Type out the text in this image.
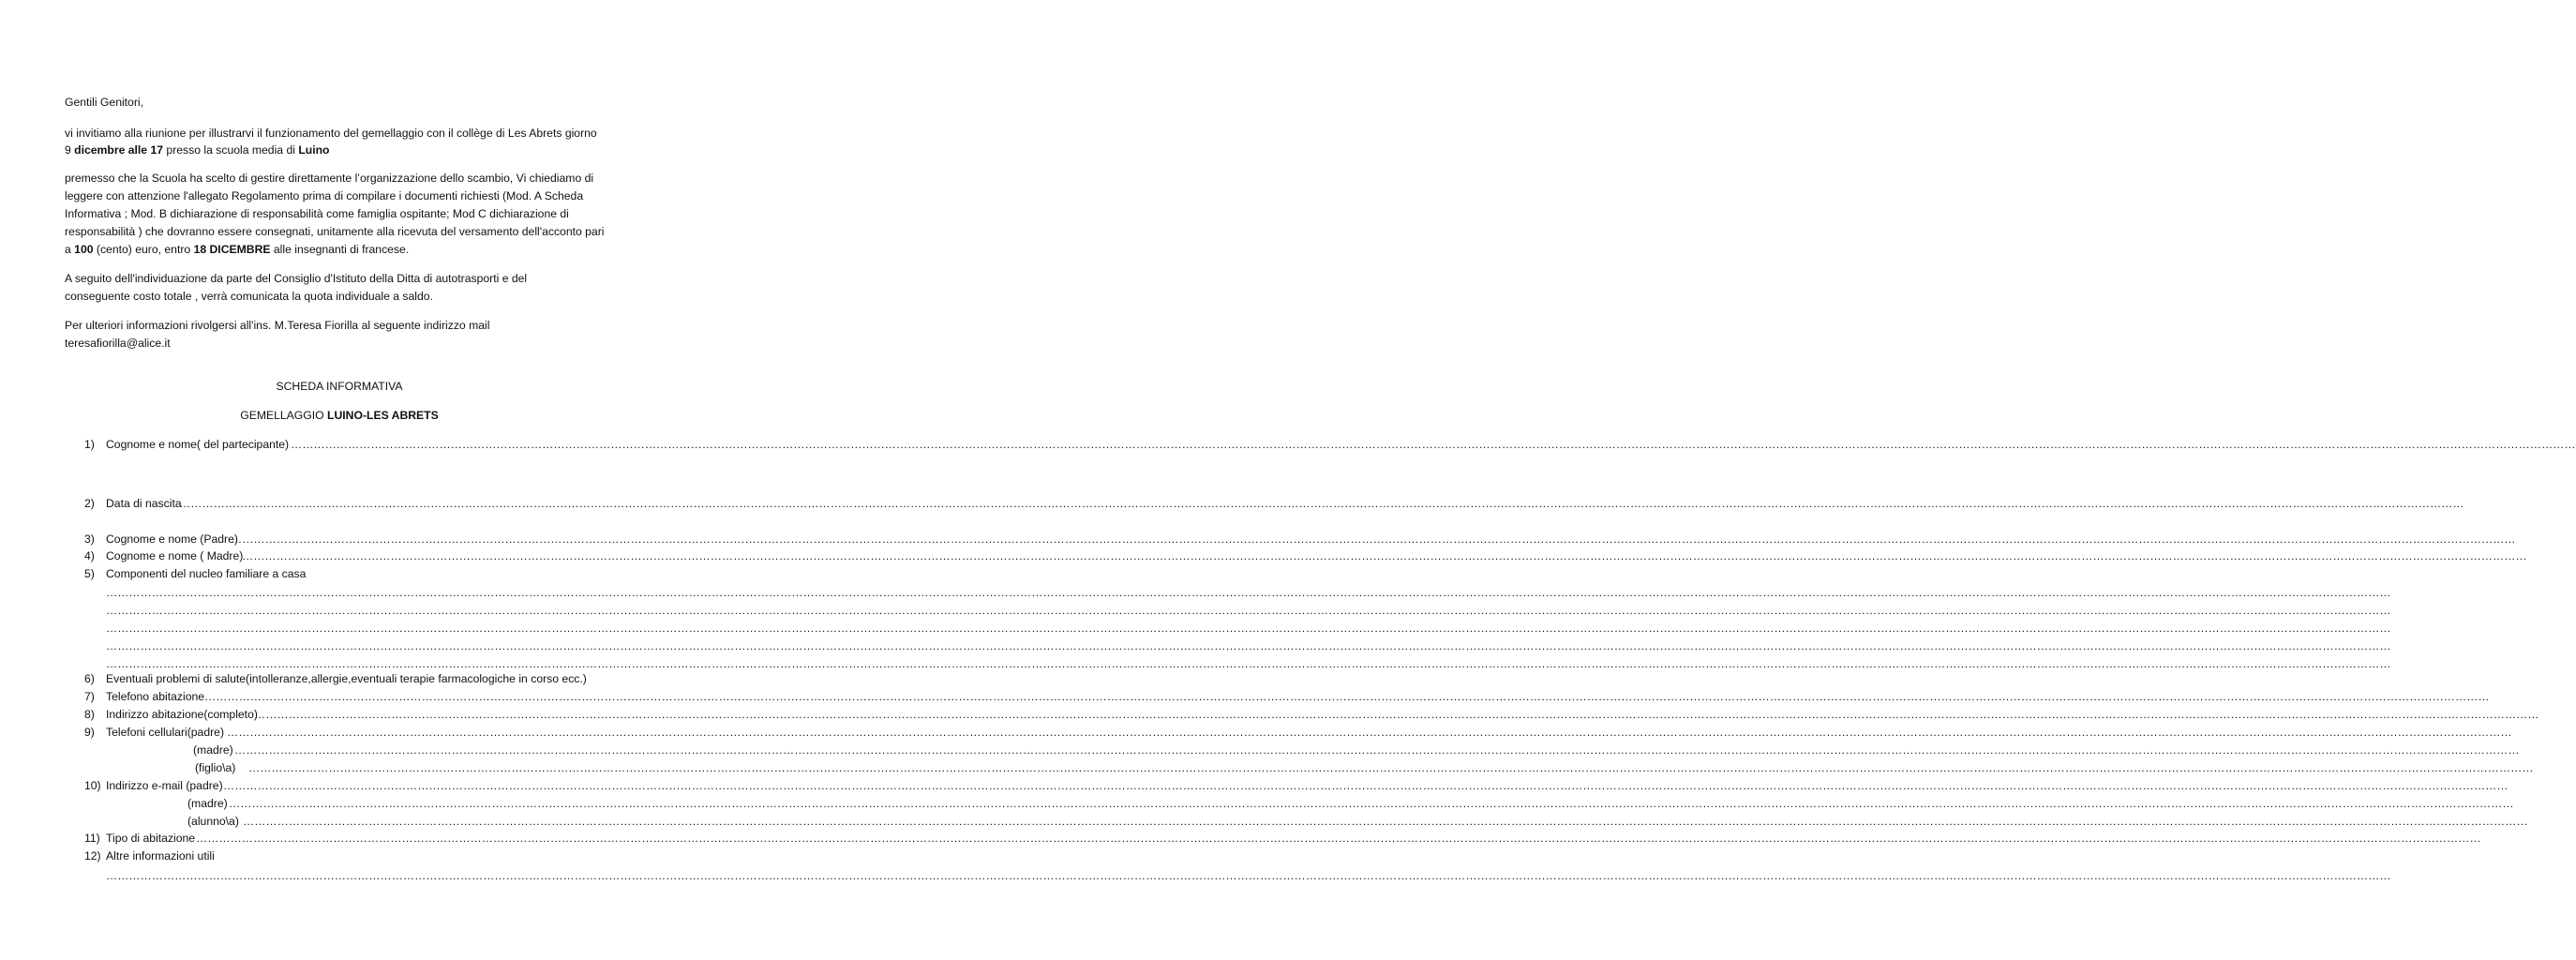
Gentili Genitori,
vi invitiamo alla riunione per illustrarvi il funzionamento del gemellaggio con il collège di Les Abrets giorno
9 dicembre alle 17 presso la scuola media di Luino
premesso che la Scuola ha scelto di gestire direttamente l’organizzazione dello scambio, Vi chiediamo di
leggere con attenzione l'allegato Regolamento prima di compilare i documenti richiesti (Mod. A Scheda
Informativa ; Mod. B dichiarazione di responsabilità come famiglia ospitante; Mod C dichiarazione di
responsabilità ) che dovranno essere consegnati, unitamente alla ricevuta del versamento dell'acconto pari
a 100 (cento) euro, entro 18 DICEMBRE alle insegnanti di francese.
A seguito dell'individuazione da parte del Consiglio d'Istituto della Ditta di autotrasporti e del
conseguente costo totale , verrà comunicata la quota individuale a saldo.
Per ulteriori informazioni rivolgersi all'ins. M.Teresa Fiorilla al seguente indirizzo mail
teresafiorilla@alice.it
SCHEDA INFORMATIVA
GEMELLAGGIO LUINO-LES ABRETS
1) Cognome e nome( del partecipante) ……………………………………………………………………………………………………………………………………………………………………………………………………………………………………………………………………………………………………………………………………………………………………………………………………………………………………………………………………………………………………………………………………………………
2) Data di nascita
……………………………………………………………………………………………………………………………………………………………………………………………………………………………………………………………………………………………………………………………………………………………………………………………………………………………………………………………………………………………………………………………………………………
3) Cognome e nome (Padre)
……………………………………………………………………………………………………………………………………………………………………………………………………………………………………………………………………………………………………………………………………………………………………………………………………………………………………………………………………………………………………………………………………………………
4) Cognome e nome ( Madre)
……………………………………………………………………………………………………………………………………………………………………………………………………………………………………………………………………………………………………………………………………………………………………………………………………………………………………………………………………………………………………………………………………………………
5) Componenti del nucleo familiare a casa
……………………………………………………………………………………………………………………………………………………………………………………………………………………………………………………………………………………………………………………………………………………………………………………………………………………………………………………………………………………………………………………………………………………
……………………………………………………………………………………………………………………………………………………………………………………………………………………………………………………………………………………………………………………………………………………………………………………………………………………………………………………………………………………………………………………………………………………
……………………………………………………………………………………………………………………………………………………………………………………………………………………………………………………………………………………………………………………………………………………………………………………………………………………………………………………………………………………………………………………………………………………
……………………………………………………………………………………………………………………………………………………………………………………………………………………………………………………………………………………………………………………………………………………………………………………………………………………………………………………………………………………………………………………………………………………
……………………………………………………………………………………………………………………………………………………………………………………………………………………………………………………………………………………………………………………………………………………………………………………………………………………………………………………………………………………………………………………………………………………
6) Eventuali problemi di salute(intolleranze,allergie,eventuali terapie farmacologiche in corso ecc.)
7) Telefono abitazione ……………………………………………………………………………………………………………………………………………………………………………………………………………………………………………………………………………………………………………………………………………………………………………………………………………………………………………………………………………………………………………………………………………………
8) Indirizzo abitazione(completo)
……………………………………………………………………………………………………………………………………………………………………………………………………………………………………………………………………………………………………………………………………………………………………………………………………………………………………………………………………………………………………………………………………………………
9) Telefoni cellulari(padre) ……………………………………………………………………………………………………………………………………………………………………………………………………………………………………………………………………………………………………………………………………………………………………………………………………………………………………………………………………………………………………………………………………………………
(madre) ……………………………………………………………………………………………………………………………………………………………………………………………………………………………………………………………………………………………………………………………………………………………………………………………………………………………………………………………………………………………………………………………………………………
(figlio\a) ……………………………………………………………………………………………………………………………………………………………………………………………………………………………………………………………………………………………………………………………………………………………………………………………………………………………………………………………………………………………………………………………………………………
10) Indirizzo e-mail (padre) ……………………………………………………………………………………………………………………………………………………………………………………………………………………………………………………………………………………………………………………………………………………………………………………………………………………………………………………………………………………………………………………………………………………
(madre) ……………………………………………………………………………………………………………………………………………………………………………………………………………………………………………………………………………………………………………………………………………………………………………………………………………………………………………………………………………………………………………………………………………………
(alunno\a) ……………………………………………………………………………………………………………………………………………………………………………………………………………………………………………………………………………………………………………………………………………………………………………………………………………………………………………………………………………………………………………………………………………………
11) Tipo di abitazione ……………………………………………………………………………………………………………………………………………………………………………………………………………………………………………………………………………………………………………………………………………………………………………………………………………………………………………………………………………………………………………………………………………………
12) Altre informazioni utili
……………………………………………………………………………………………………………………………………………………………………………………………………………………………………………………………………………………………………………………………………………………………………………………………………………………………………………………………………………………………………………………………………………………
